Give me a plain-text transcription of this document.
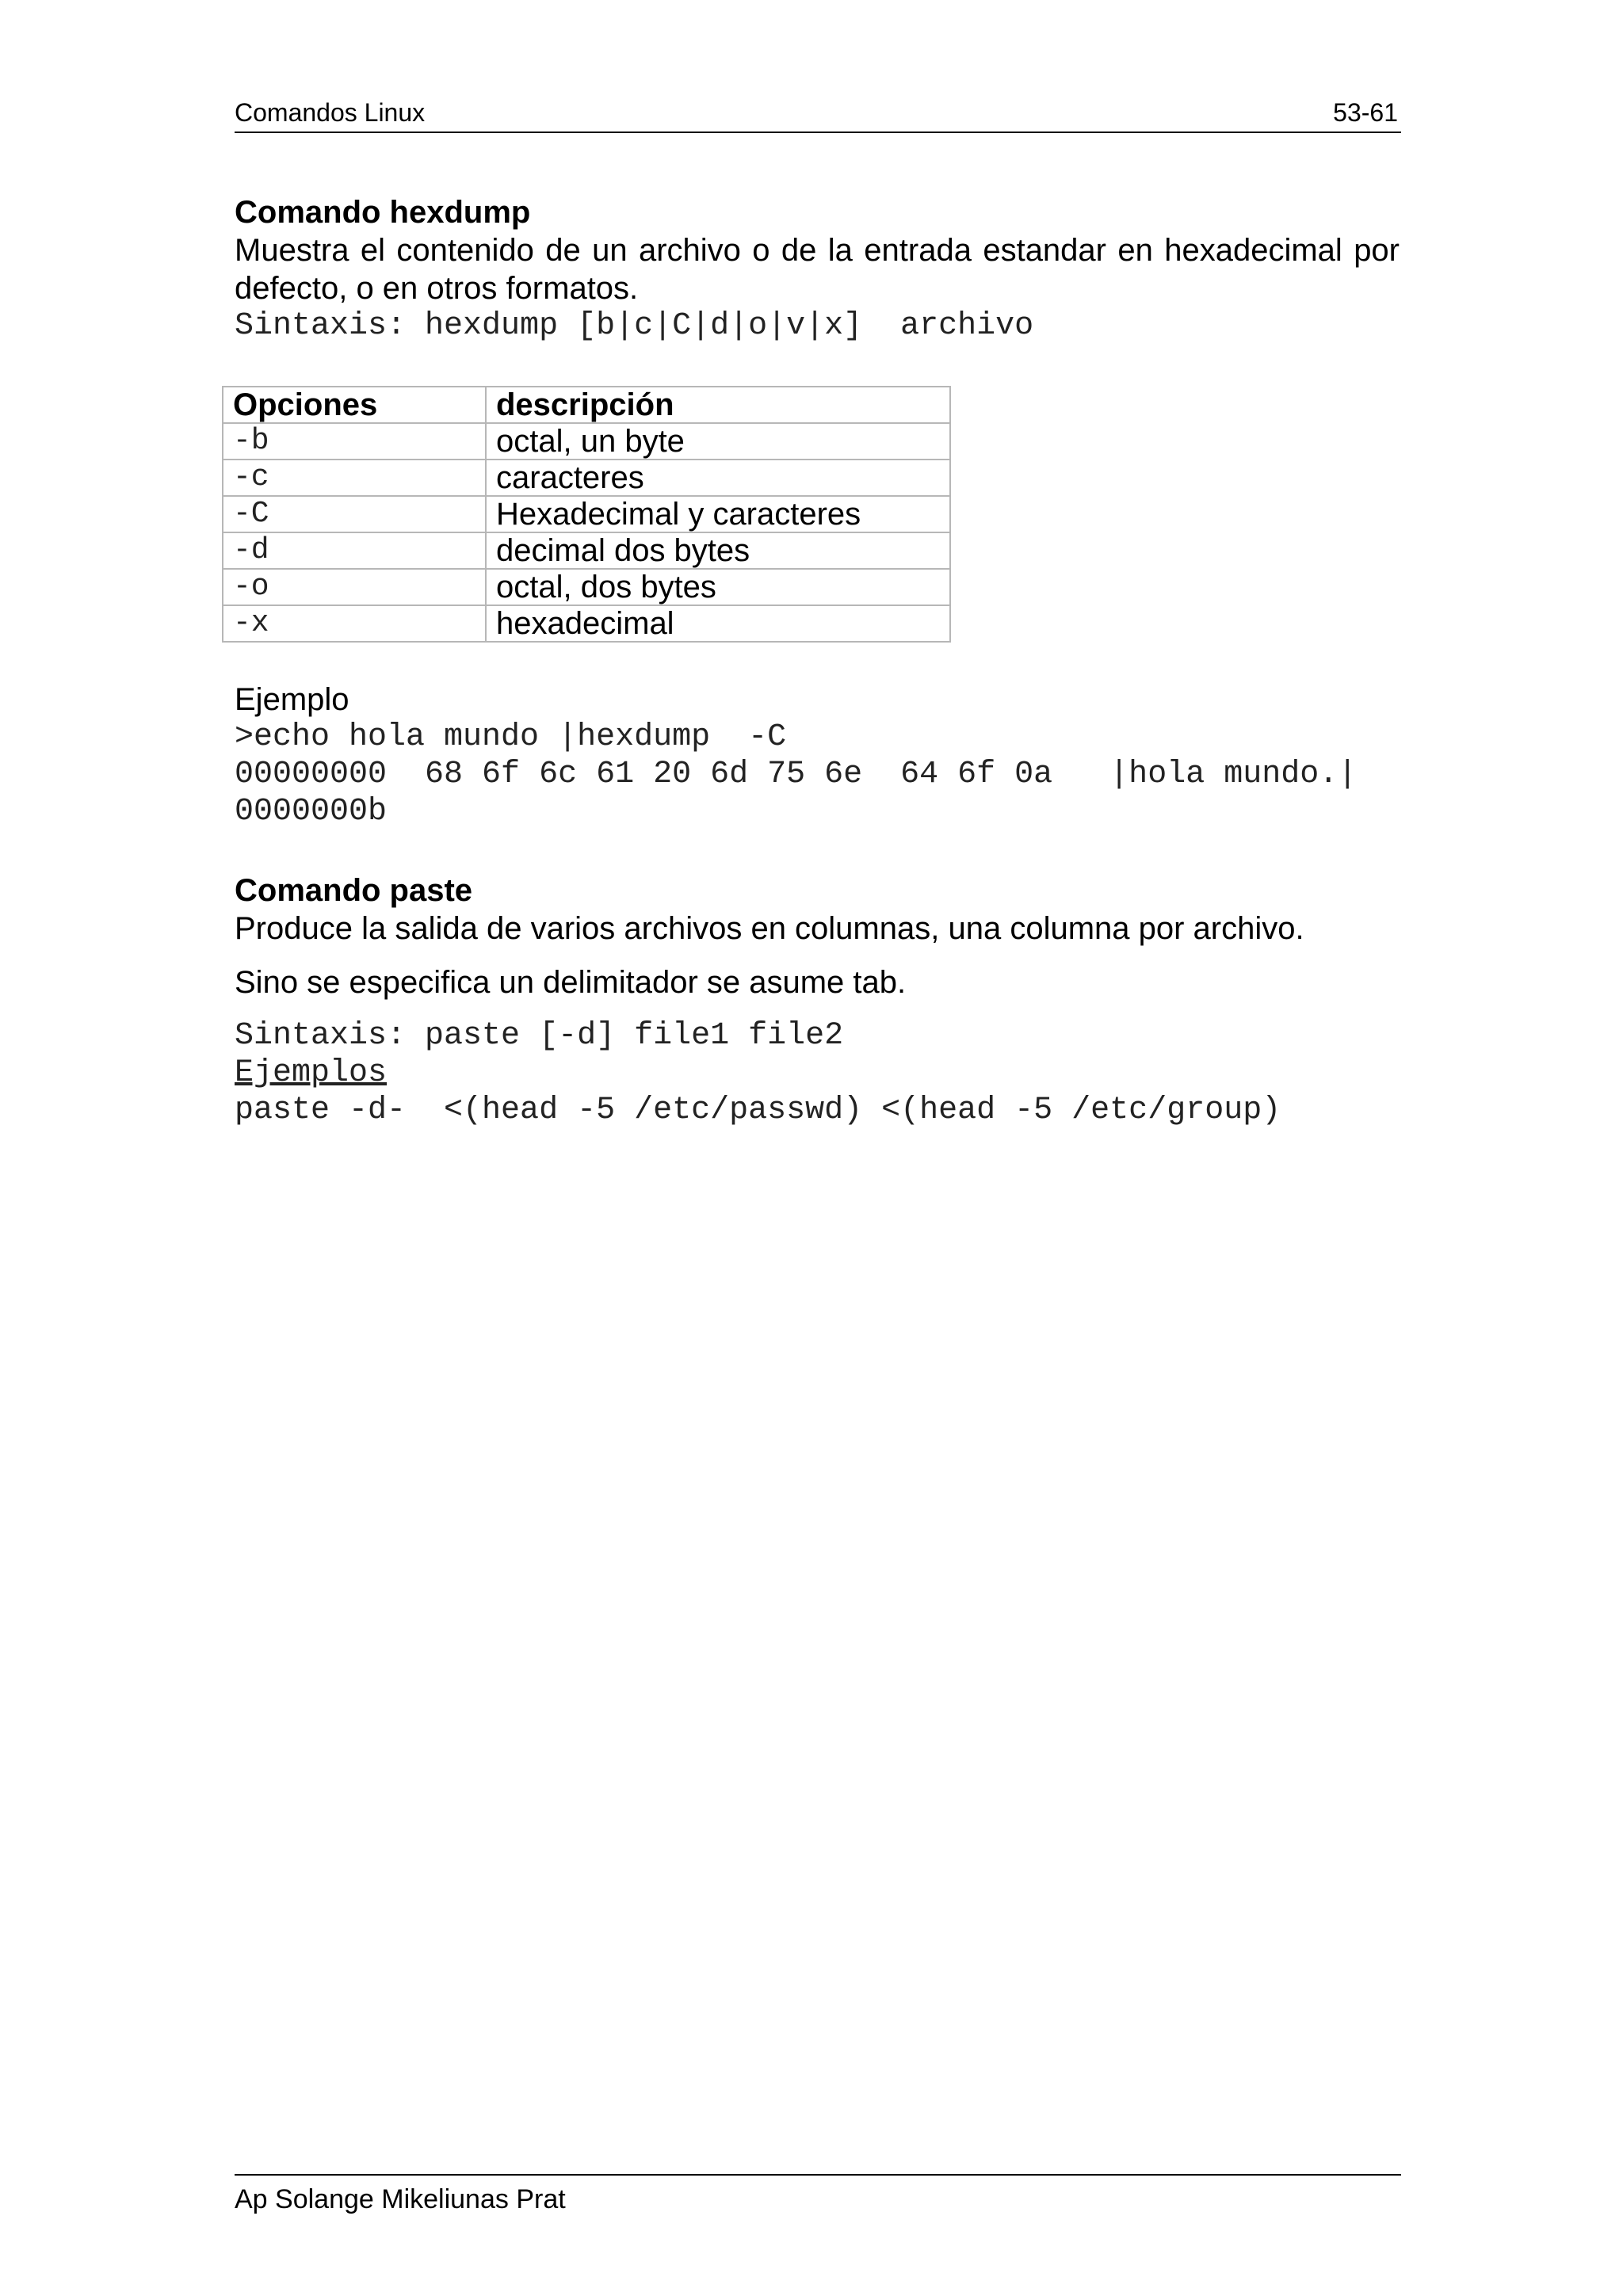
Comandos Linux	53-61

Comando hexdump

Muestra el contenido de un archivo o de la entrada estandar en hexadecimal por defecto, o en otros formatos.

Sintaxis: hexdump [b|c|C|d|o|v|x]  archivo

Opciones	descripción
-b	octal, un byte
-c	caracteres
-C	Hexadecimal y caracteres
-d	decimal dos bytes
-o	octal, dos bytes
-x	hexadecimal

Ejemplo

>echo hola mundo |hexdump  -C

00000000  68 6f 6c 61 20 6d 75 6e  64 6f 0a   |hola mundo.|

0000000b

Comando paste

Produce la salida de varios archivos en columnas, una columna por archivo.

Sino se especifica un delimitador se asume tab.

Sintaxis: paste [-d] file1 file2

Ejemplos

paste -d-  <(head -5 /etc/passwd) <(head -5 /etc/group)

Ap Solange Mikeliunas Prat
